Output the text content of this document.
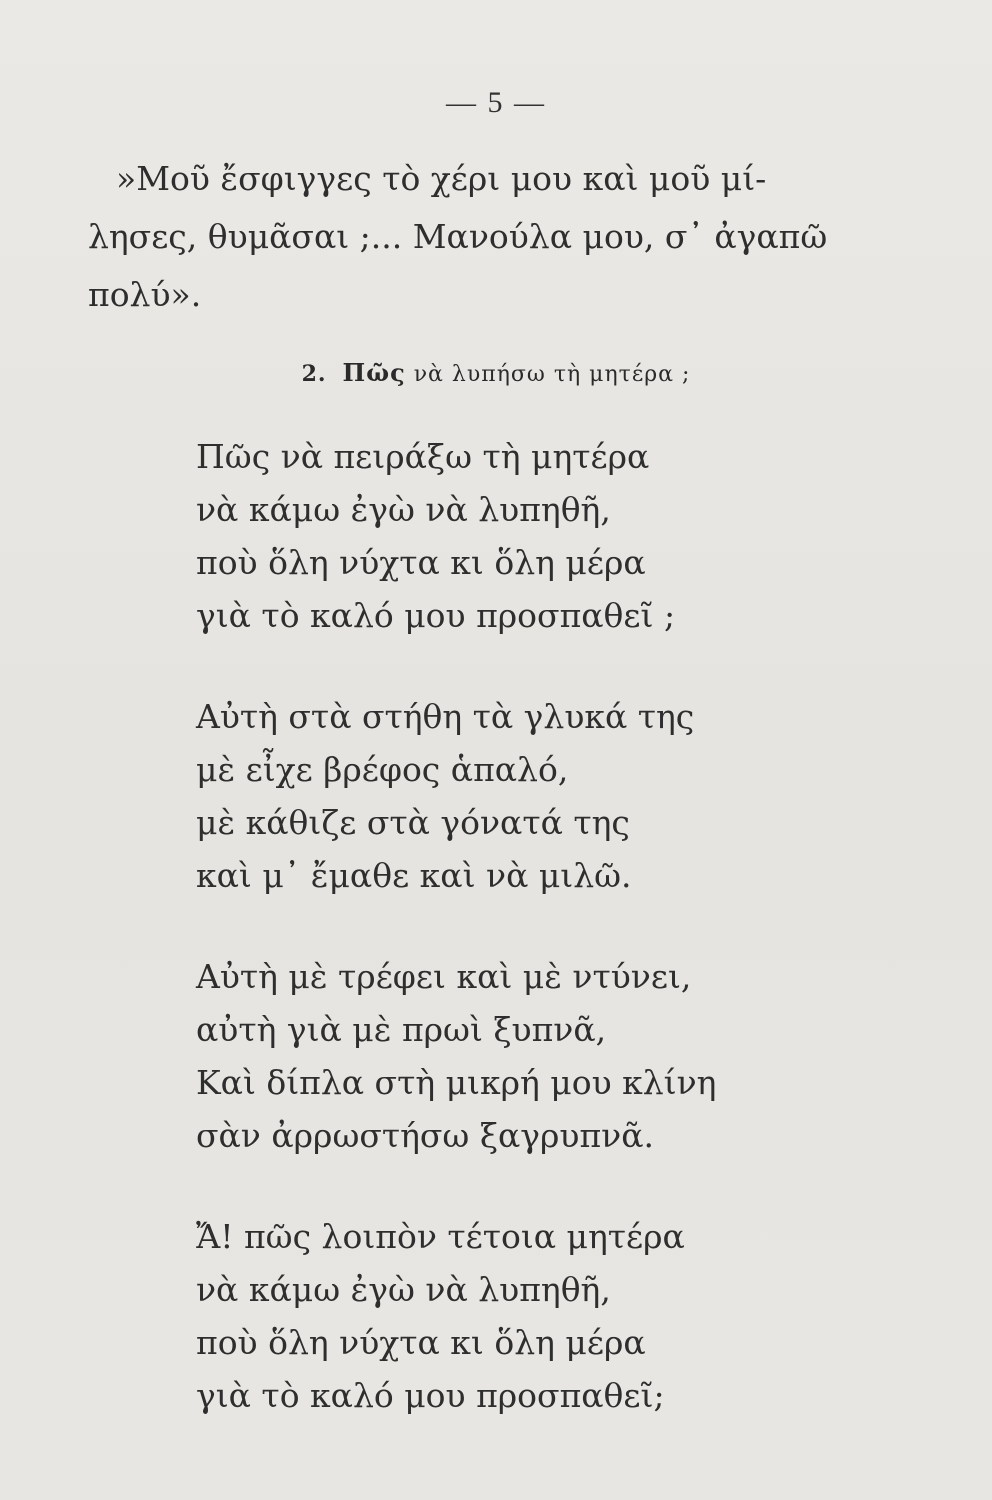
— 5 —
»Μοῦ ἔσφιγγες τὸ χέρι μου καὶ μοῦ μί-
λησες, θυμᾶσαι ;... Μανούλα μου, σ᾽ ἀγαπῶ
πολύ».
2. Πῶς νὰ λυπήσω τὴ μητέρα ;
Πῶς νὰ πειράξω τὴ μητέρα
νὰ κάμω ἐγὼ νὰ λυπηθῆ,
ποὺ ὅλη νύχτα κι ὅλη μέρα
γιὰ τὸ καλό μου προσπαθεῖ ;
Αὐτὴ στὰ στήθη τὰ γλυκά της
μὲ εἶχε βρέφος ἁπαλό,
μὲ κάθιζε στὰ γόνατά της
καὶ μ᾽ ἔμαθε καὶ νὰ μιλῶ.
Αὐτὴ μὲ τρέφει καὶ μὲ ντύνει,
αὐτὴ γιὰ μὲ πρωὶ ξυπνᾶ,
Καὶ δίπλα στὴ μικρή μου κλίνη
σὰν ἀρρωστήσω ξαγρυπνᾶ.
Ἄ! πῶς λοιπὸν τέτοια μητέρα
νὰ κάμω ἐγὼ νὰ λυπηθῆ,
ποὺ ὅλη νύχτα κι ὅλη μέρα
γιὰ τὸ καλό μου προσπαθεῖ;
